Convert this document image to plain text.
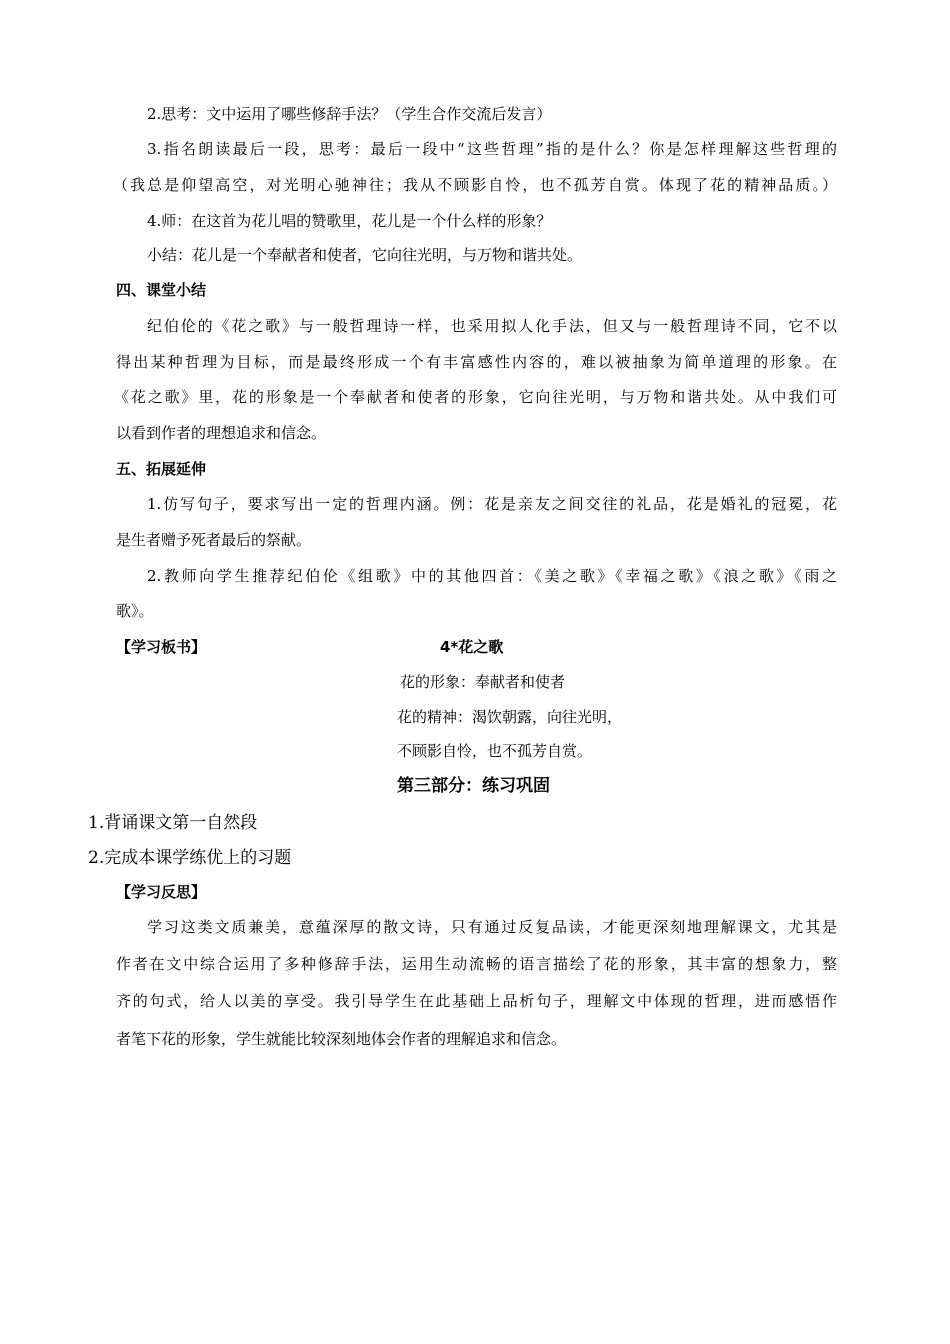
2.思考：文中运用了哪些修辞手法？（学生合作交流后发言）
3.指名朗读最后一段，思考：最后一段中“这些哲理”指的是什么？你是怎样理解这些哲理的
（我总是仰望高空，对光明心驰神往；我从不顾影自怜，也不孤芳自赏。体现了花的精神品质。）
4.师：在这首为花儿唱的赞歌里，花儿是一个什么样的形象？
小结：花儿是一个奉献者和使者，它向往光明，与万物和谐共处。
四、课堂小结
纪伯伦的《花之歌》与一般哲理诗一样，也采用拟人化手法，但又与一般哲理诗不同，它不以
得出某种哲理为目标，而是最终形成一个有丰富感性内容的，难以被抽象为简单道理的形象。在
《花之歌》里，花的形象是一个奉献者和使者的形象，它向往光明，与万物和谐共处。从中我们可
以看到作者的理想追求和信念。
五、拓展延伸
1.仿写句子，要求写出一定的哲理内涵。例：花是亲友之间交往的礼品，花是婚礼的冠冕，花
是生者赠予死者最后的祭献。
2.教师向学生推荐纪伯伦《组歌》中的其他四首：《美之歌》《幸福之歌》《浪之歌》《雨之
歌》。
【学习板书】	4*花之歌
花的形象：奉献者和使者
花的精神：渴饮朝露，向往光明，
不顾影自怜，也不孤芳自赏。
第三部分：练习巩固
1.背诵课文第一自然段
2.完成本课学练优上的习题
【学习反思】
学习这类文质兼美，意蕴深厚的散文诗，只有通过反复品读，才能更深刻地理解课文，尤其是
作者在文中综合运用了多种修辞手法，运用生动流畅的语言描绘了花的形象，其丰富的想象力，整
齐的句式，给人以美的享受。我引导学生在此基础上品析句子，理解文中体现的哲理，进而感悟作
者笔下花的形象，学生就能比较深刻地体会作者的理解追求和信念。
